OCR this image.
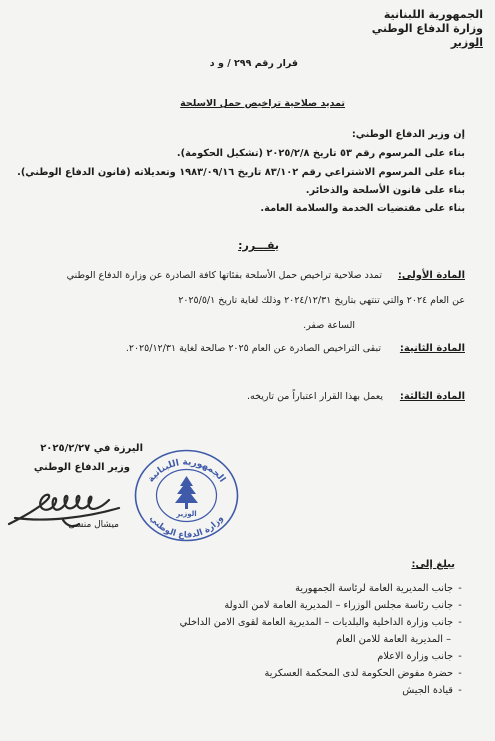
الجمهورية اللبنانية
وزارة الدفاع الوطني
الوزير
قرار رقم ٢٩٩ / و د
تمديد صلاحية تراخيص حمل الاسلحة
إن وزير الدفاع الوطني:
بناء على المرسوم رقم ٥٣ تاريخ ٢٠٢٥/٢/٨ (تشكيل الحكومة).
بناء على المرسوم الاشتراعي رقم ٨٣/١٠٢ تاريخ ١٩٨٣/٠٩/١٦ وتعديلاته (قانون الدفاع الوطني).
بناء على قانون الأسلحة والذخائر.
بناء على مقتضيات الخدمة والسلامة العامة.
يقـــرر:
المادة الأولى:
تمدد صلاحية تراخيص حمل الأسلحة بفئاتها كافة الصادرة عن وزارة الدفاع الوطني
عن العام ٢٠٢٤ والتي تنتهي بتاريخ ٢٠٢٤/١٢/٣١ وذلك لغاية تاريخ ٢٠٢٥/٥/١
الساعة صفر.
المادة الثانية:
تبقى التراخيص الصادرة عن العام ٢٠٢٥ صالحة لغاية ٢٠٢٥/١٢/٣١.
المادة الثالثة:
يعمل بهذا القرار اعتباراً من تاريخه.
اليرزة في ٢٠٢٥/٢/٢٧
وزير الدفاع الوطني
ميشال منسى
الجمهورية اللبنانية
وزارة الدفاع الوطني
الوزير
يبلغ إلى:
-
جانب المديرية العامة لرئاسة الجمهورية
-
جانب رئاسة مجلس الوزراء – المديرية العامة لامن الدولة
-
جانب وزارة الداخلية والبلديات – المديرية العامة لقوى الامن الداخلي
– المديرية العامة للامن العام
-
جانب وزارة الاعلام
-
حضرة مفوض الحكومة لدى المحكمة العسكرية
-
قيادة الجيش
